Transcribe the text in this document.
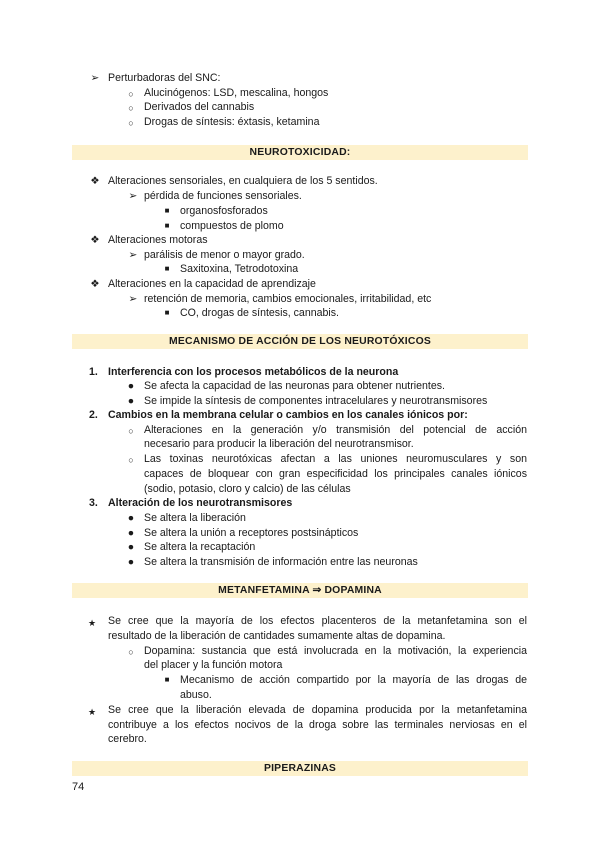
➢ Perturbadoras del SNC:
○ Alucinógenos: LSD, mescalina, hongos
○ Derivados del cannabis
○ Drogas de síntesis: éxtasis, ketamina
NEUROTOXICIDAD:
❖ Alteraciones sensoriales, en cualquiera de los 5 sentidos.
➢ pérdida de funciones sensoriales.
■ organosfosforados
■ compuestos de plomo
❖ Alteraciones motoras
➢ parálisis de menor o mayor grado.
■ Saxitoxina, Tetrodotoxina
❖ Alteraciones en la capacidad de aprendizaje
➢ retención de memoria, cambios emocionales, irritabilidad, etc
■ CO, drogas de síntesis, cannabis.
MECANISMO DE ACCIÓN DE LOS NEUROTÓXICOS
1. Interferencia con los procesos metabólicos de la neurona
● Se afecta la capacidad de las neuronas para obtener nutrientes.
● Se impide la síntesis de componentes intracelulares y neurotransmisores
2. Cambios en la membrana celular o cambios en los canales iónicos por:
○ Alteraciones en la generación y/o transmisión del potencial de acción
necesario para producir la liberación del neurotransmisor.
○ Las toxinas neurotóxicas afectan a las uniones neuromusculares y son
capaces de bloquear con gran especificidad los principales canales iónicos
(sodio, potasio, cloro y calcio) de las células
3. Alteración de los neurotransmisores
● Se altera la liberación
● Se altera la unión a receptores postsinápticos
● Se altera la recaptación
● Se altera la transmisión de información entre las neuronas
METANFETAMINA ⇒ DOPAMINA
★ Se cree que la mayoría de los efectos placenteros de la metanfetamina son el
resultado de la liberación de cantidades sumamente altas de dopamina.
○ Dopamina: sustancia que está involucrada en la motivación, la experiencia
del placer y la función motora
■ Mecanismo de acción compartido por la mayoría de las drogas de
abuso.
★ Se cree que la liberación elevada de dopamina producida por la metanfetamina
contribuye a los efectos nocivos de la droga sobre las terminales nerviosas en el
cerebro.
PIPERAZINAS
74
